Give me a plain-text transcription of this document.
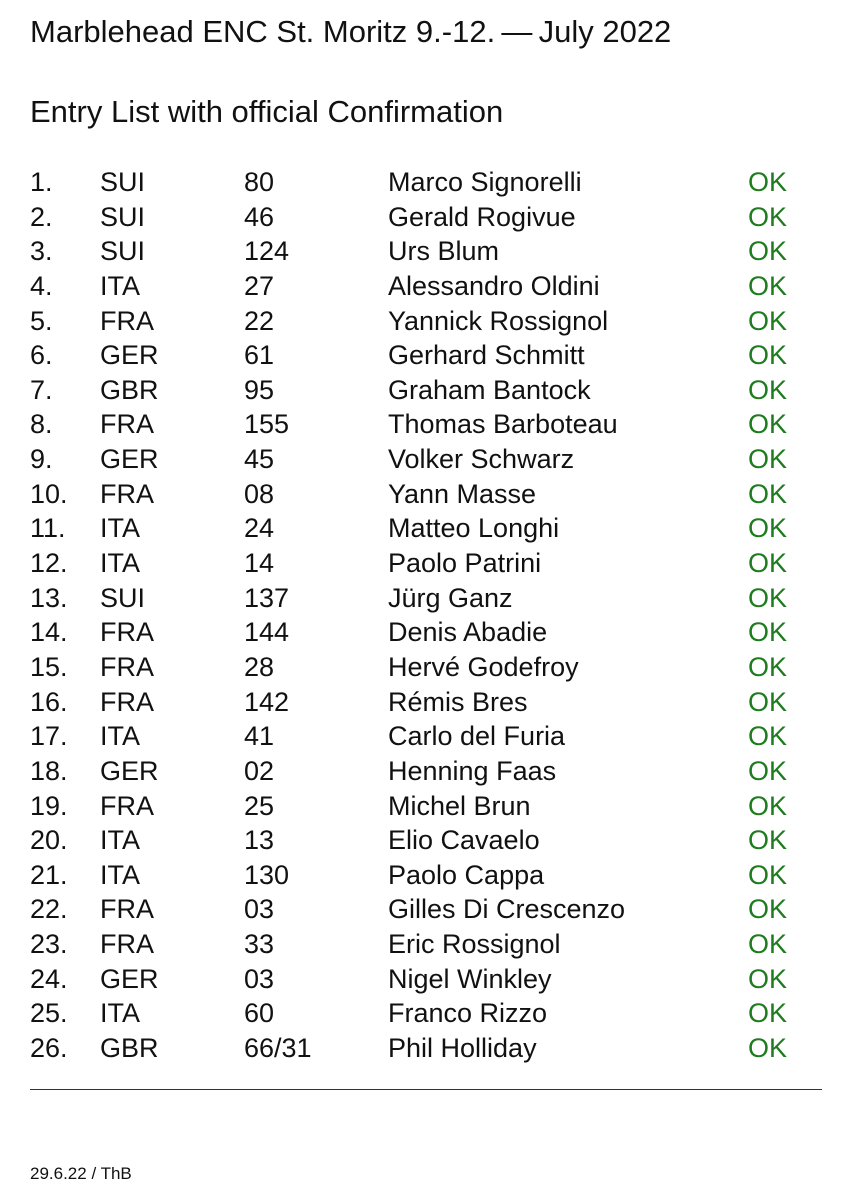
Marblehead ENC St. Moritz 9.-12. — July 2022
Entry List with official Confirmation
1. SUI	80	Marco Signorelli	OK
2. SUI	46	Gerald Rogivue	OK
3. SUI	124	Urs Blum	OK
4. ITA	27	Alessandro Oldini	OK
5. FRA	22	Yannick Rossignol	OK
6. GER	61	Gerhard Schmitt	OK
7. GBR	95	Graham Bantock	OK
8. FRA	155	Thomas Barboteau	OK
9. GER	45	Volker Schwarz	OK
10. FRA	08	Yann Masse	OK
11. ITA	24	Matteo Longhi	OK
12. ITA	14	Paolo Patrini	OK
13. SUI	137	Jürg Ganz	OK
14. FRA	144	Denis Abadie	OK
15. FRA	28	Hervé Godefroy	OK
16. FRA	142	Rémis Bres	OK
17. ITA	41	Carlo del Furia	OK
18. GER	02	Henning Faas	OK
19. FRA	25	Michel Brun	OK
20. ITA	13	Elio Cavaelo	OK
21. ITA	130	Paolo Cappa	OK
22. FRA	03	Gilles Di Crescenzo	OK
23. FRA	33	Eric Rossignol	OK
24. GER	03	Nigel Winkley	OK
25. ITA	60	Franco Rizzo	OK
26. GBR	66/31	Phil Holliday	OK
29.6.22 / ThB
